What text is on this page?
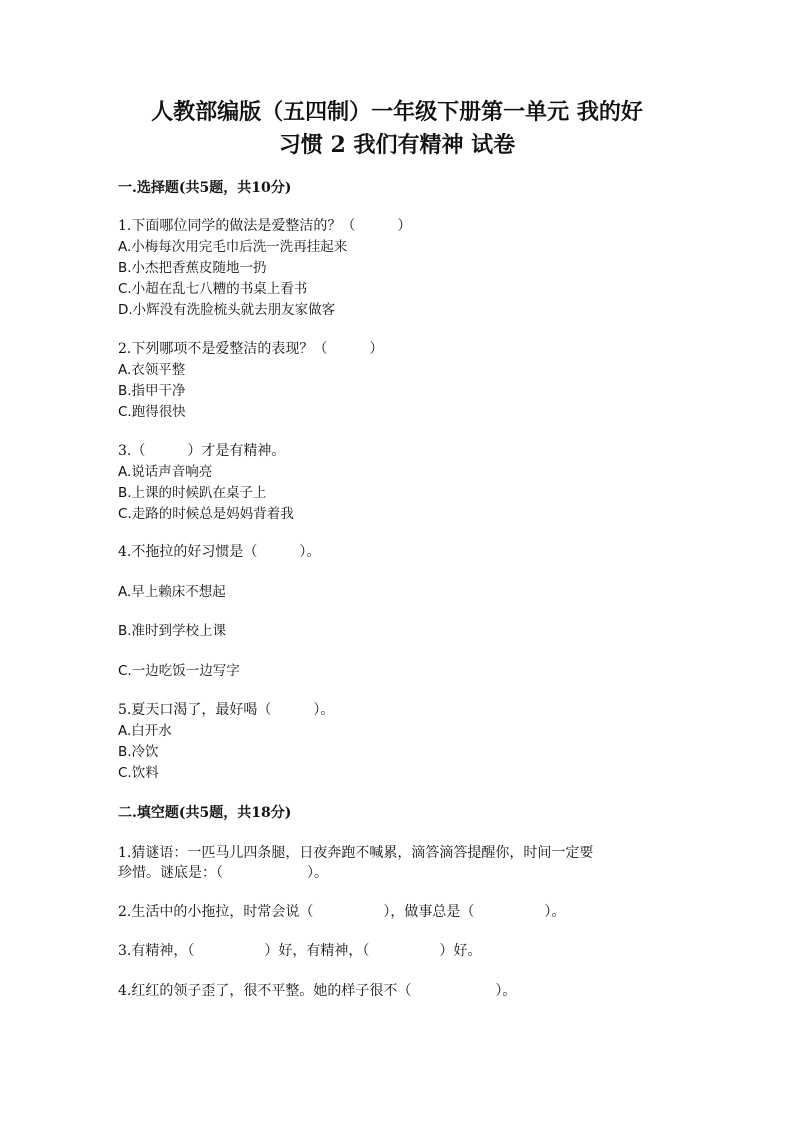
人教部编版（五四制）一年级下册第一单元 我的好
习惯 2 我们有精神 试卷
一.选择题(共5题，共10分)
1.下面哪位同学的做法是爱整洁的？（　　　）
A.小梅每次用完毛巾后洗一洗再挂起来
B.小杰把香蕉皮随地一扔
C.小超在乱七八糟的书桌上看书
D.小辉没有洗脸梳头就去朋友家做客
2.下列哪项不是爱整洁的表现？（　　　）
A.衣领平整
B.指甲干净
C.跑得很快
3.（　　　）才是有精神。
A.说话声音响亮
B.上课的时候趴在桌子上
C.走路的时候总是妈妈背着我
4.不拖拉的好习惯是（　　　）。
A.早上赖床不想起
B.准时到学校上课
C.一边吃饭一边写字
5.夏天口渴了，最好喝（　　　）。
A.白开水
B.冷饮
C.饮料
二.填空题(共5题，共18分)
1.猜谜语：一匹马儿四条腿，日夜奔跑不喊累，滴答滴答提醒你，时间一定要
珍惜。谜底是：（　　　　　　）。
2.生活中的小拖拉，时常会说（　　　　　），做事总是（　　　　　）。
3.有精神，（　　　　　）好，有精神，（　　　　　）好。
4.红红的领子歪了，很不平整。她的样子很不（　　　　　　）。
